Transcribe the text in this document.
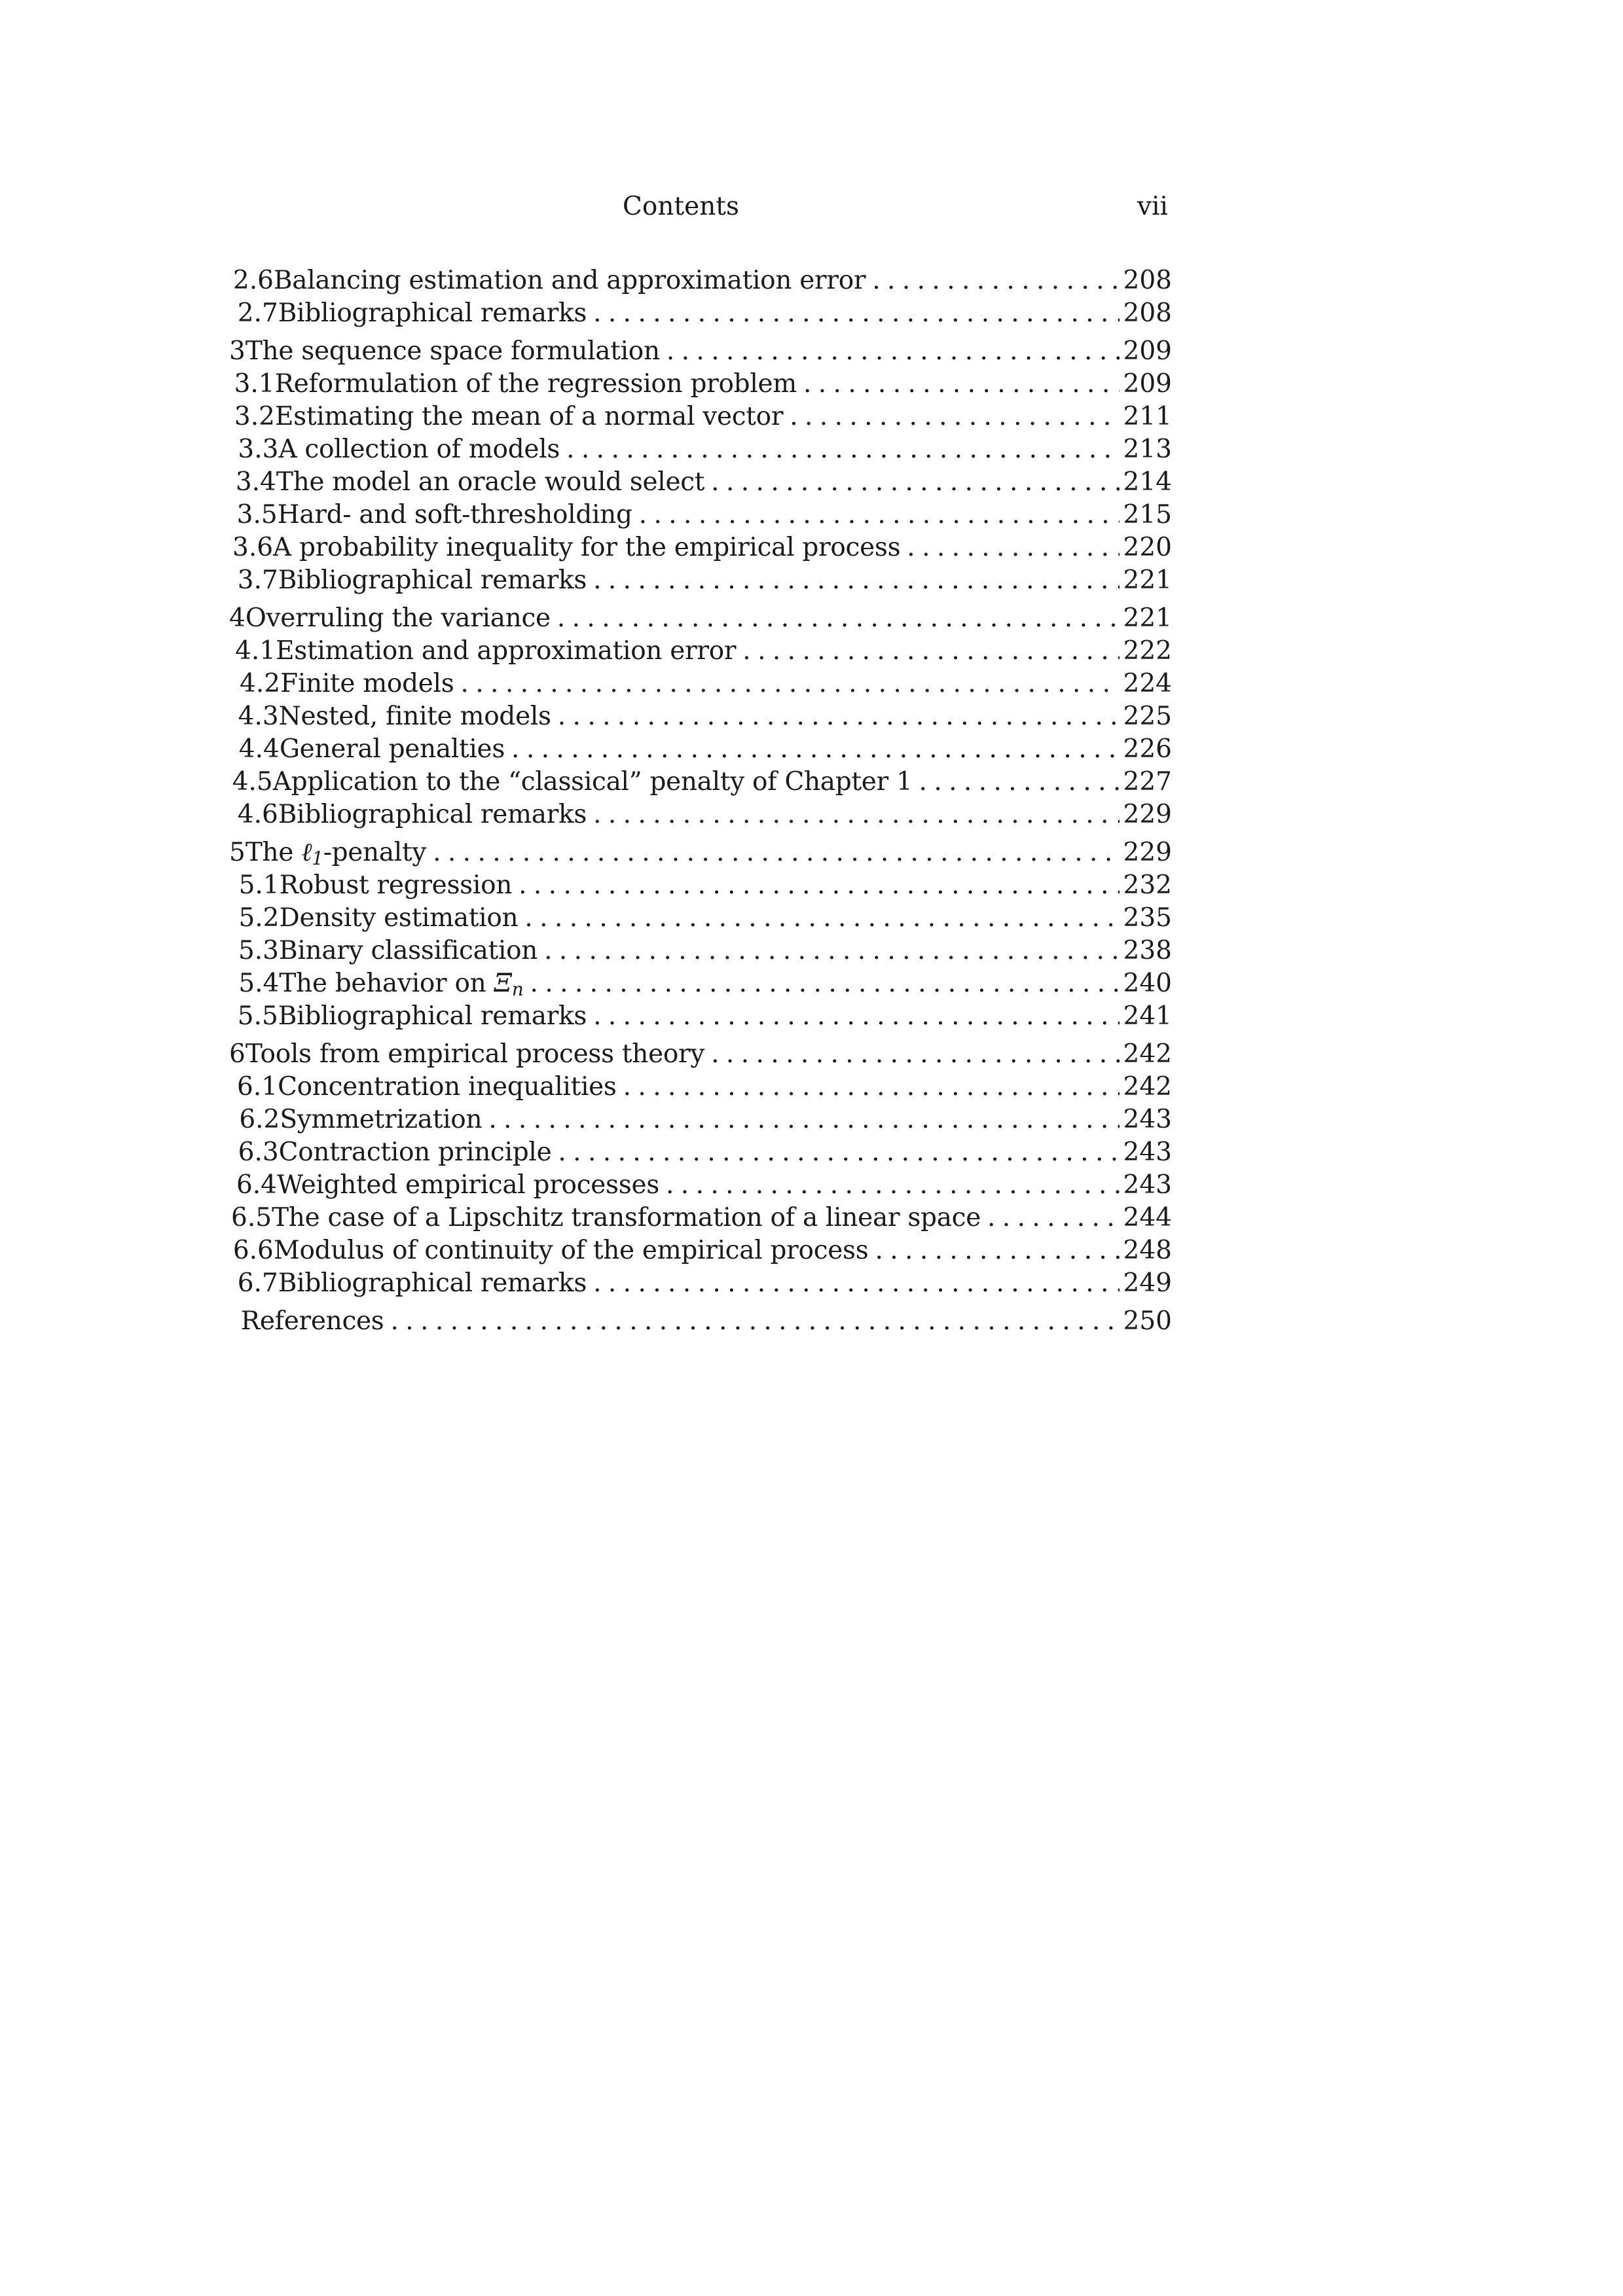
Contents	vii
2.6 Balancing estimation and approximation error . . .	208
2.7 Bibliographical remarks . . .	208
3 The sequence space formulation . . .	209
3.1 Reformulation of the regression problem . . .	209
3.2 Estimating the mean of a normal vector . . .	211
3.3 A collection of models . . .	213
3.4 The model an oracle would select . . .	214
3.5 Hard- and soft-thresholding . . .	215
3.6 A probability inequality for the empirical process . . .	220
3.7 Bibliographical remarks . . .	221
4 Overruling the variance . . .	221
4.1 Estimation and approximation error . . .	222
4.2 Finite models . . .	224
4.3 Nested, finite models . . .	225
4.4 General penalties . . .	226
4.5 Application to the “classical” penalty of Chapter 1 . . .	227
4.6 Bibliographical remarks . . .	229
5 The ℓ1-penalty . . .	229
5.1 Robust regression . . .	232
5.2 Density estimation . . .	235
5.3 Binary classification . . .	238
5.4 The behavior on Ξn . . .	240
5.5 Bibliographical remarks . . .	241
6 Tools from empirical process theory . . .	242
6.1 Concentration inequalities . . .	242
6.2 Symmetrization . . .	243
6.3 Contraction principle . . .	243
6.4 Weighted empirical processes . . .	243
6.5 The case of a Lipschitz transformation of a linear space . . .	244
6.6 Modulus of continuity of the empirical process . . .	248
6.7 Bibliographical remarks . . .	249
References . . .	250
